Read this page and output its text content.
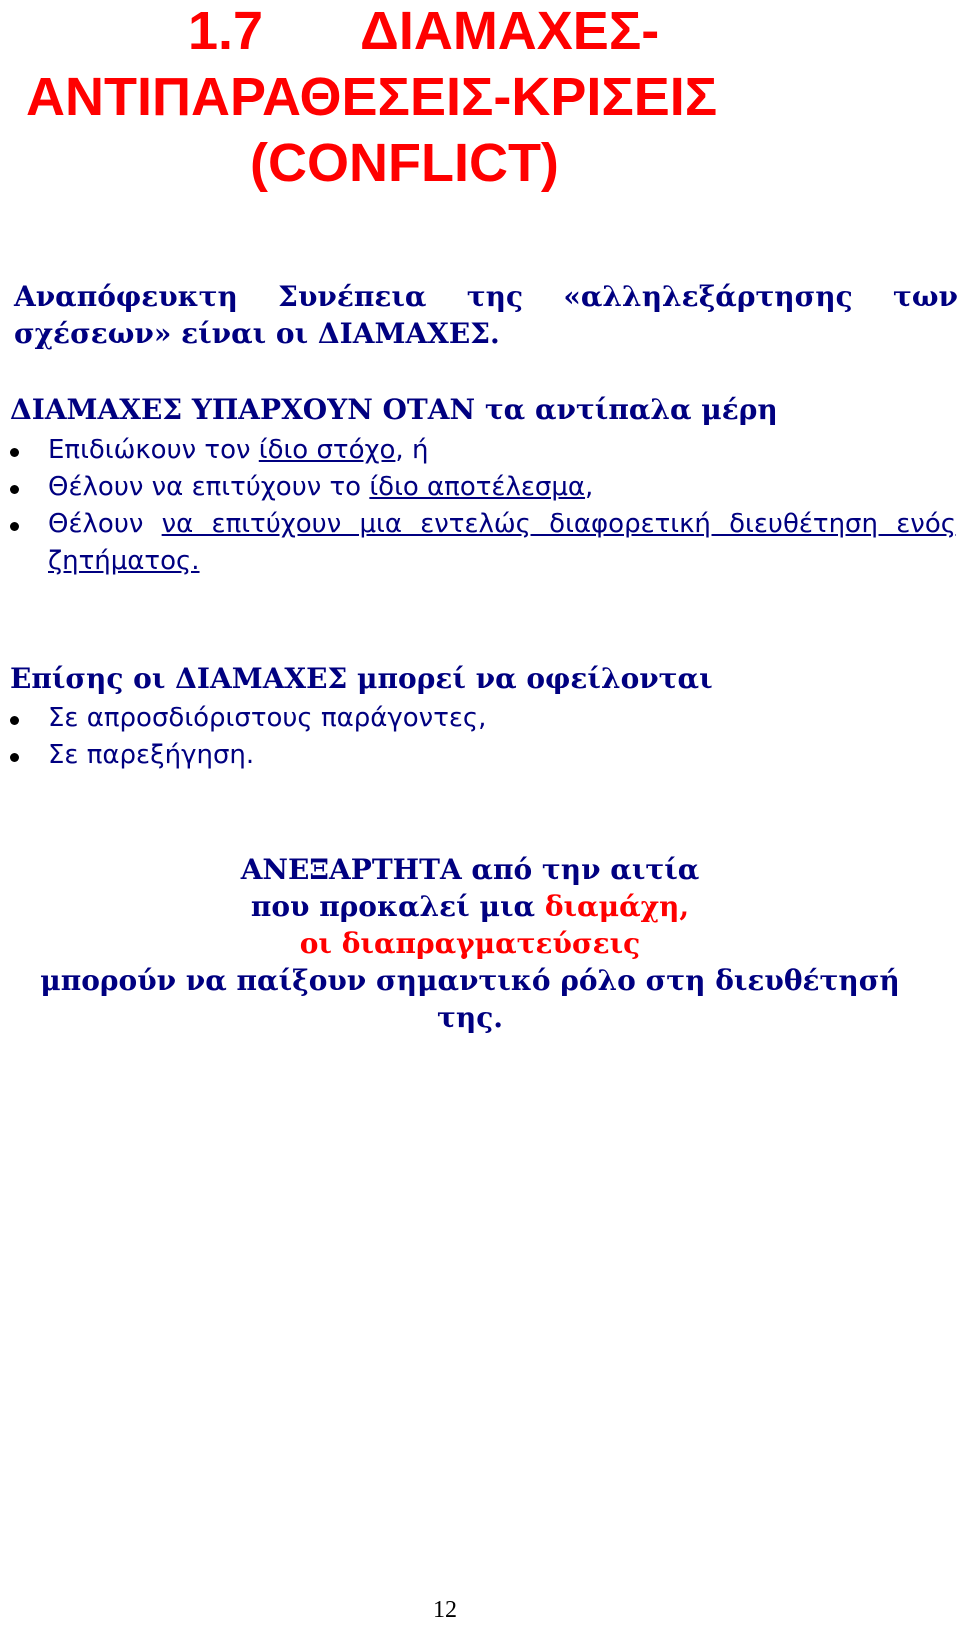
1.7 ΔΙΑΜΑΧΕΣ-
ΑΝΤΙΠΑΡΑΘΕΣΕΙΣ-ΚΡΙΣΕΙΣ
(CONFLICT)
Αναπόφευκτη Συνέπεια της «αλληλεξάρτησης των
σχέσεων» είναι οι ΔΙΑΜΑΧΕΣ.

ΔΙΑΜΑΧΕΣ ΥΠΑΡΧΟΥΝ ΟΤΑΝ τα αντίπαλα μέρη

Επιδιώκουν τον ίδιο στόχο, ή
Θέλουν να επιτύχουν το ίδιο αποτέλεσμα,
Θέλουν να επιτύχουν μια εντελώς διαφορετική διευθέτηση ενός ζητήματος.

Επίσης οι ΔΙΑΜΑΧΕΣ μπορεί να οφείλονται

Σε απροσδιόριστους παράγοντες,
Σε παρεξήγηση.
ΑΝΕΞΑΡΤΗΤΑ από την αιτία
που προκαλεί μια διαμάχη,
οι διαπραγματεύσεις
μπορούν να παίξουν σημαντικό ρόλο στη διευθέτησή
της.
12
